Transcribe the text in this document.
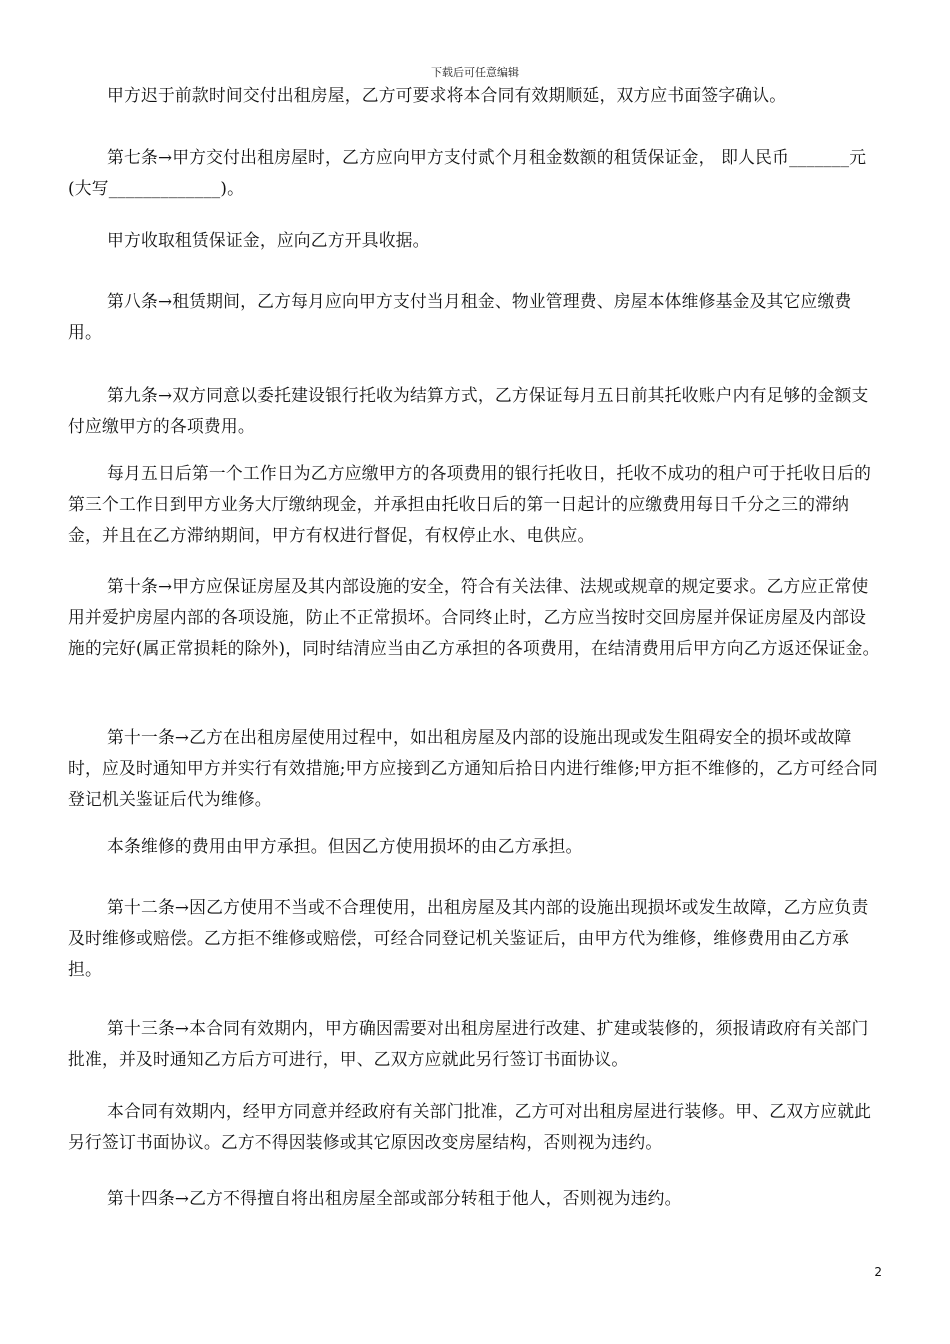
下载后可任意编辑

甲方迟于前款时间交付出租房屋，乙方可要求将本合同有效期顺延，双方应书面签字确认。

第七条→甲方交付出租房屋时，乙方应向甲方支付贰个月租金数额的租赁保证金， 即人民币_______元(大写_____________)。

甲方收取租赁保证金，应向乙方开具收据。

第八条→租赁期间，乙方每月应向甲方支付当月租金、物业管理费、房屋本体维修基金及其它应缴费用。

第九条→双方同意以委托建设银行托收为结算方式，乙方保证每月五日前其托收账户内有足够的金额支付应缴甲方的各项费用。

每月五日后第一个工作日为乙方应缴甲方的各项费用的银行托收日，托收不成功的租户可于托收日后的第三个工作日到甲方业务大厅缴纳现金，并承担由托收日后的第一日起计的应缴费用每日千分之三的滞纳金，并且在乙方滞纳期间，甲方有权进行督促，有权停止水、电供应。

第十条→甲方应保证房屋及其内部设施的安全，符合有关法律、法规或规章的规定要求。乙方应正常使用并爱护房屋内部的各项设施，防止不正常损坏。合同终止时，乙方应当按时交回房屋并保证房屋及内部设施的完好(属正常损耗的除外)，同时结清应当由乙方承担的各项费用，在结清费用后甲方向乙方返还保证金。

第十一条→乙方在出租房屋使用过程中，如出租房屋及内部的设施出现或发生阻碍安全的损坏或故障时，应及时通知甲方并实行有效措施;甲方应接到乙方通知后拾日内进行维修;甲方拒不维修的，乙方可经合同登记机关鉴证后代为维修。

本条维修的费用由甲方承担。但因乙方使用损坏的由乙方承担。

第十二条→因乙方使用不当或不合理使用，出租房屋及其内部的设施出现损坏或发生故障，乙方应负责及时维修或赔偿。乙方拒不维修或赔偿，可经合同登记机关鉴证后，由甲方代为维修，维修费用由乙方承担。

第十三条→本合同有效期内，甲方确因需要对出租房屋进行改建、扩建或装修的，须报请政府有关部门批准，并及时通知乙方后方可进行，甲、乙双方应就此另行签订书面协议。

本合同有效期内，经甲方同意并经政府有关部门批准，乙方可对出租房屋进行装修。甲、乙双方应就此另行签订书面协议。乙方不得因装修或其它原因改变房屋结构，否则视为违约。

第十四条→乙方不得擅自将出租房屋全部或部分转租于他人，否则视为违约。

2
